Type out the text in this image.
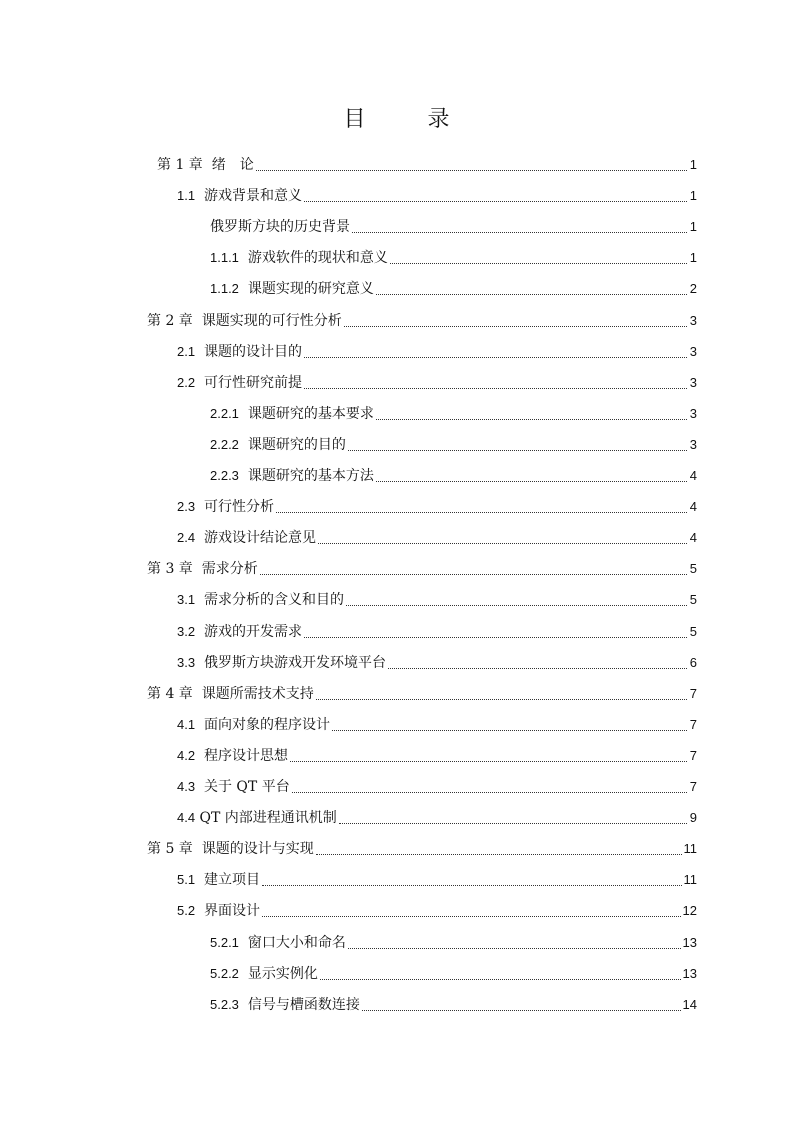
目　录
第 1 章 绪　论	1
1.1 游戏背景和意义	1
俄罗斯方块的历史背景	1
1.1.1 游戏软件的现状和意义	1
1.1.2 课题实现的研究意义	2
第 2 章 课题实现的可行性分析	3
2.1 课题的设计目的	3
2.2 可行性研究前提	3
2.2.1 课题研究的基本要求	3
2.2.2 课题研究的目的	3
2.2.3 课题研究的基本方法	4
2.3 可行性分析	4
2.4 游戏设计结论意见	4
第 3 章 需求分析	5
3.1 需求分析的含义和目的	5
3.2 游戏的开发需求	5
3.3 俄罗斯方块游戏开发环境平台	6
第 4 章 课题所需技术支持	7
4.1 面向对象的程序设计	7
4.2 程序设计思想	7
4.3 关于 QT 平台	7
4.4 QT 内部进程通讯机制	9
第 5 章 课题的设计与实现	11
5.1 建立项目	11
5.2 界面设计	12
5.2.1 窗口大小和命名	13
5.2.2 显示实例化	13
5.2.3 信号与槽函数连接	14
